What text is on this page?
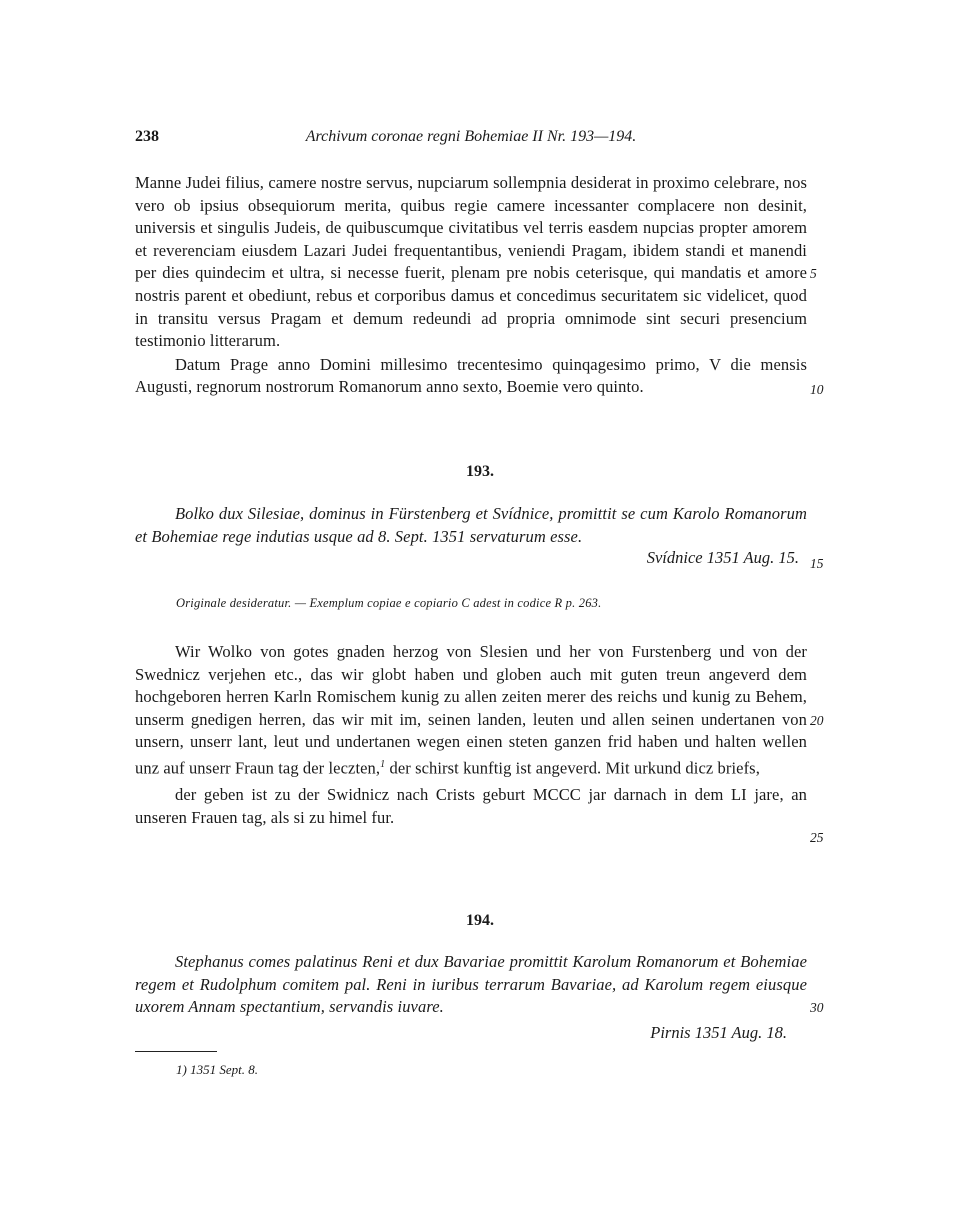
238	Archivum coronae regni Bohemiae II Nr. 193—194.

Manne Judei filius, camere nostre servus, nupciarum sollempnia desiderat in proximo celebrare, nos vero ob ipsius obsequiorum merita, quibus regie camere incessanter complacere non desinit, universis et singulis Judeis, de quibuscumque civitatibus vel terris easdem nupcias propter amorem et reverenciam eiusdem Lazari Judei frequentantibus, veniendi Pragam, ibidem standi et manendi per dies quindecim et ultra, si necesse fuerit, plenam pre nobis ceterisque, qui mandatis et amore nostris parent et obediunt, rebus et corporibus damus et concedimus securitatem sic videlicet, quod in transitu versus Pragam et demum redeundi ad propria omnimode sint securi presencium testimonio litterarum.

Datum Prage anno Domini millesimo trecentesimo quinqagesimo primo, V die mensis Augusti, regnorum nostrorum Romanorum anno sexto, Boemie vero quinto.

5
10
193.

Bolko dux Silesiae, dominus in Fürstenberg et Svídnice, promittit se cum Karolo Romanorum et Bohemiae rege indutias usque ad 8. Sept. 1351 servaturum esse.

Svídnice 1351 Aug. 15. 15
Originale desideratur. — Exemplum copiae e copiario C adest in codice R p. 263.

Wir Wolko von gotes gnaden herzog von Slesien und her von Furstenberg und von der Swednicz verjehen etc., das wir globt haben und globen auch mit guten treun angeverd dem hochgeboren herren Karln Romischem kunig zu allen zeiten merer des reichs und kunig zu Behem, unserm gnedigen herren, das wir mit im, seinen landen, leuten und allen seinen undertanen von unsern, unserr lant, leut und undertanen wegen einen steten ganzen frid haben und halten wellen unz auf unserr Fraun tag der leczten,$^1$ der schirst kunftig ist angeverd. Mit urkund dicz briefs,

der geben ist zu der Swidnicz nach Crists geburt MCCC jar darnach in dem LI jare, an unseren Frauen tag, als si zu himel fur.

20
25
194.

Stephanus comes palatinus Reni et dux Bavariae promittit Karolum Romanorum et Bohemiae regem et Rudolphum comitem pal. Reni in iuribus terrarum Bavariae, ad Karolum regem eiusque uxorem Annam spectantium, servandis iuvare.

Pirnis 1351 Aug. 18.
30
1) 1351 Sept. 8.
